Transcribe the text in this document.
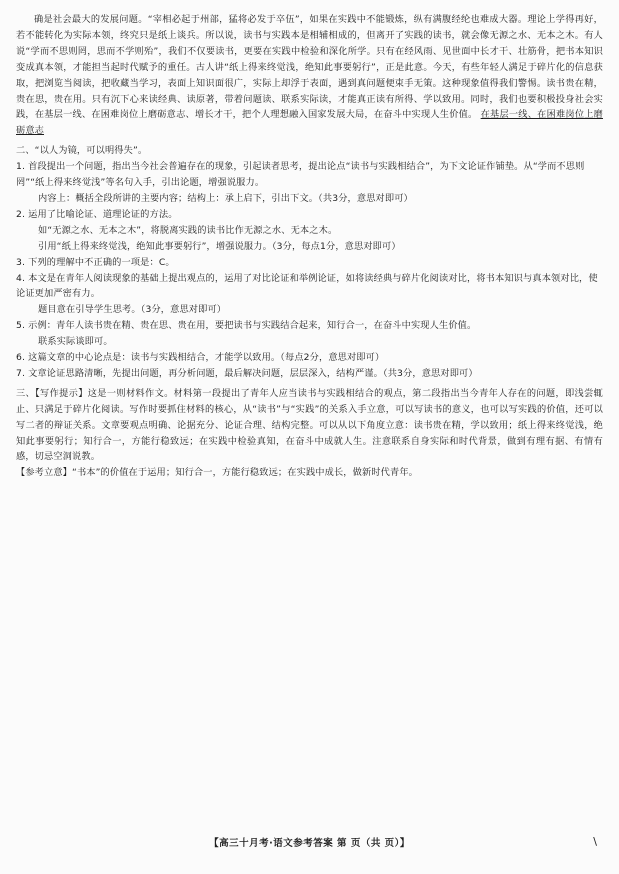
确是社会最大的发展问题。“宰相必起于州部，猛将必发于卒伍”，如果在实践中不能锻炼，纵有满腹经纶也难成大器。理论上学得再好，若不能转化为实际本领，终究只是纸上谈兵。所以说，读书与实践本是相辅相成的，但离开了实践的读书，就会像无源之水、无本之木。有人说“学而不思则罔，思而不学则殆”，我们不仅要读书，更要在实践中检验和深化所学。只有在经风雨、见世面中长才干、壮筋骨，把书本知识变成真本领，才能担当起时代赋予的重任。古人讲“纸上得来终觉浅，绝知此事要躬行”，正是此意。今天，有些年轻人满足于碎片化的信息获取，把浏览当阅读，把收藏当学习，表面上知识面很广，实际上却浮于表面，遇到真问题便束手无策。这种现象值得我们警惕。读书贵在精，贵在思，贵在用。只有沉下心来读经典、读原著，带着问题读、联系实际读，才能真正读有所得、学以致用。同时，我们也要积极投身社会实践，在基层一线、在困难岗位上磨砺意志、增长才干，把个人理想融入国家发展大局，在奋斗中实现人生价值。 在基层一线、在困难岗位上磨砺意志

二、“以人为镜，可以明得失”。

1. 首段提出一个问题，指出当今社会普遍存在的现象，引起读者思考，提出论点“读书与实践相结合”，为下文论证作铺垫。从“学而不思则罔”“纸上得来终觉浅”等名句入手，引出论题，增强说服力。

内容上：概括全段所讲的主要内容；结构上：承上启下，引出下文。（共3分，意思对即可）

2. 运用了比喻论证、道理论证的方法。

如“无源之水、无本之木”，将脱离实践的读书比作无源之水、无本之木。

引用“纸上得来终觉浅，绝知此事要躬行”，增强说服力。（3分，每点1分，意思对即可）

3. 下列的理解中不正确的一项是：C。

4. 本文是在青年人阅读现象的基础上提出观点的，运用了对比论证和举例论证，如将读经典与碎片化阅读对比，将书本知识与真本领对比，使论证更加严密有力。

题目意在引导学生思考。（3分，意思对即可）

5. 示例：青年人读书贵在精、贵在思、贵在用，要把读书与实践结合起来，知行合一，在奋斗中实现人生价值。

联系实际谈即可。

6. 这篇文章的中心论点是：读书与实践相结合，才能学以致用。（每点2分，意思对即可）

7. 文章论证思路清晰，先提出问题，再分析问题，最后解决问题，层层深入，结构严谨。（共3分，意思对即可）

三、【写作提示】这是一则材料作文。材料第一段提出了青年人应当读书与实践相结合的观点，第二段指出当今青年人存在的问题，即浅尝辄止、只满足于碎片化阅读。写作时要抓住材料的核心，从“读书”与“实践”的关系入手立意，可以写读书的意义，也可以写实践的价值，还可以写二者的辩证关系。文章要观点明确、论据充分、论证合理、结构完整。可以从以下角度立意：读书贵在精，学以致用；纸上得来终觉浅，绝知此事要躬行；知行合一，方能行稳致远；在实践中检验真知，在奋斗中成就人生。注意联系自身实际和时代背景，做到有理有据、有情有感，切忌空洞说教。

【参考立意】“书本”的价值在于运用；知行合一，方能行稳致远；在实践中成长，做新时代青年。

【高三十月考·语文参考答案 第 页（共 页）】	\
